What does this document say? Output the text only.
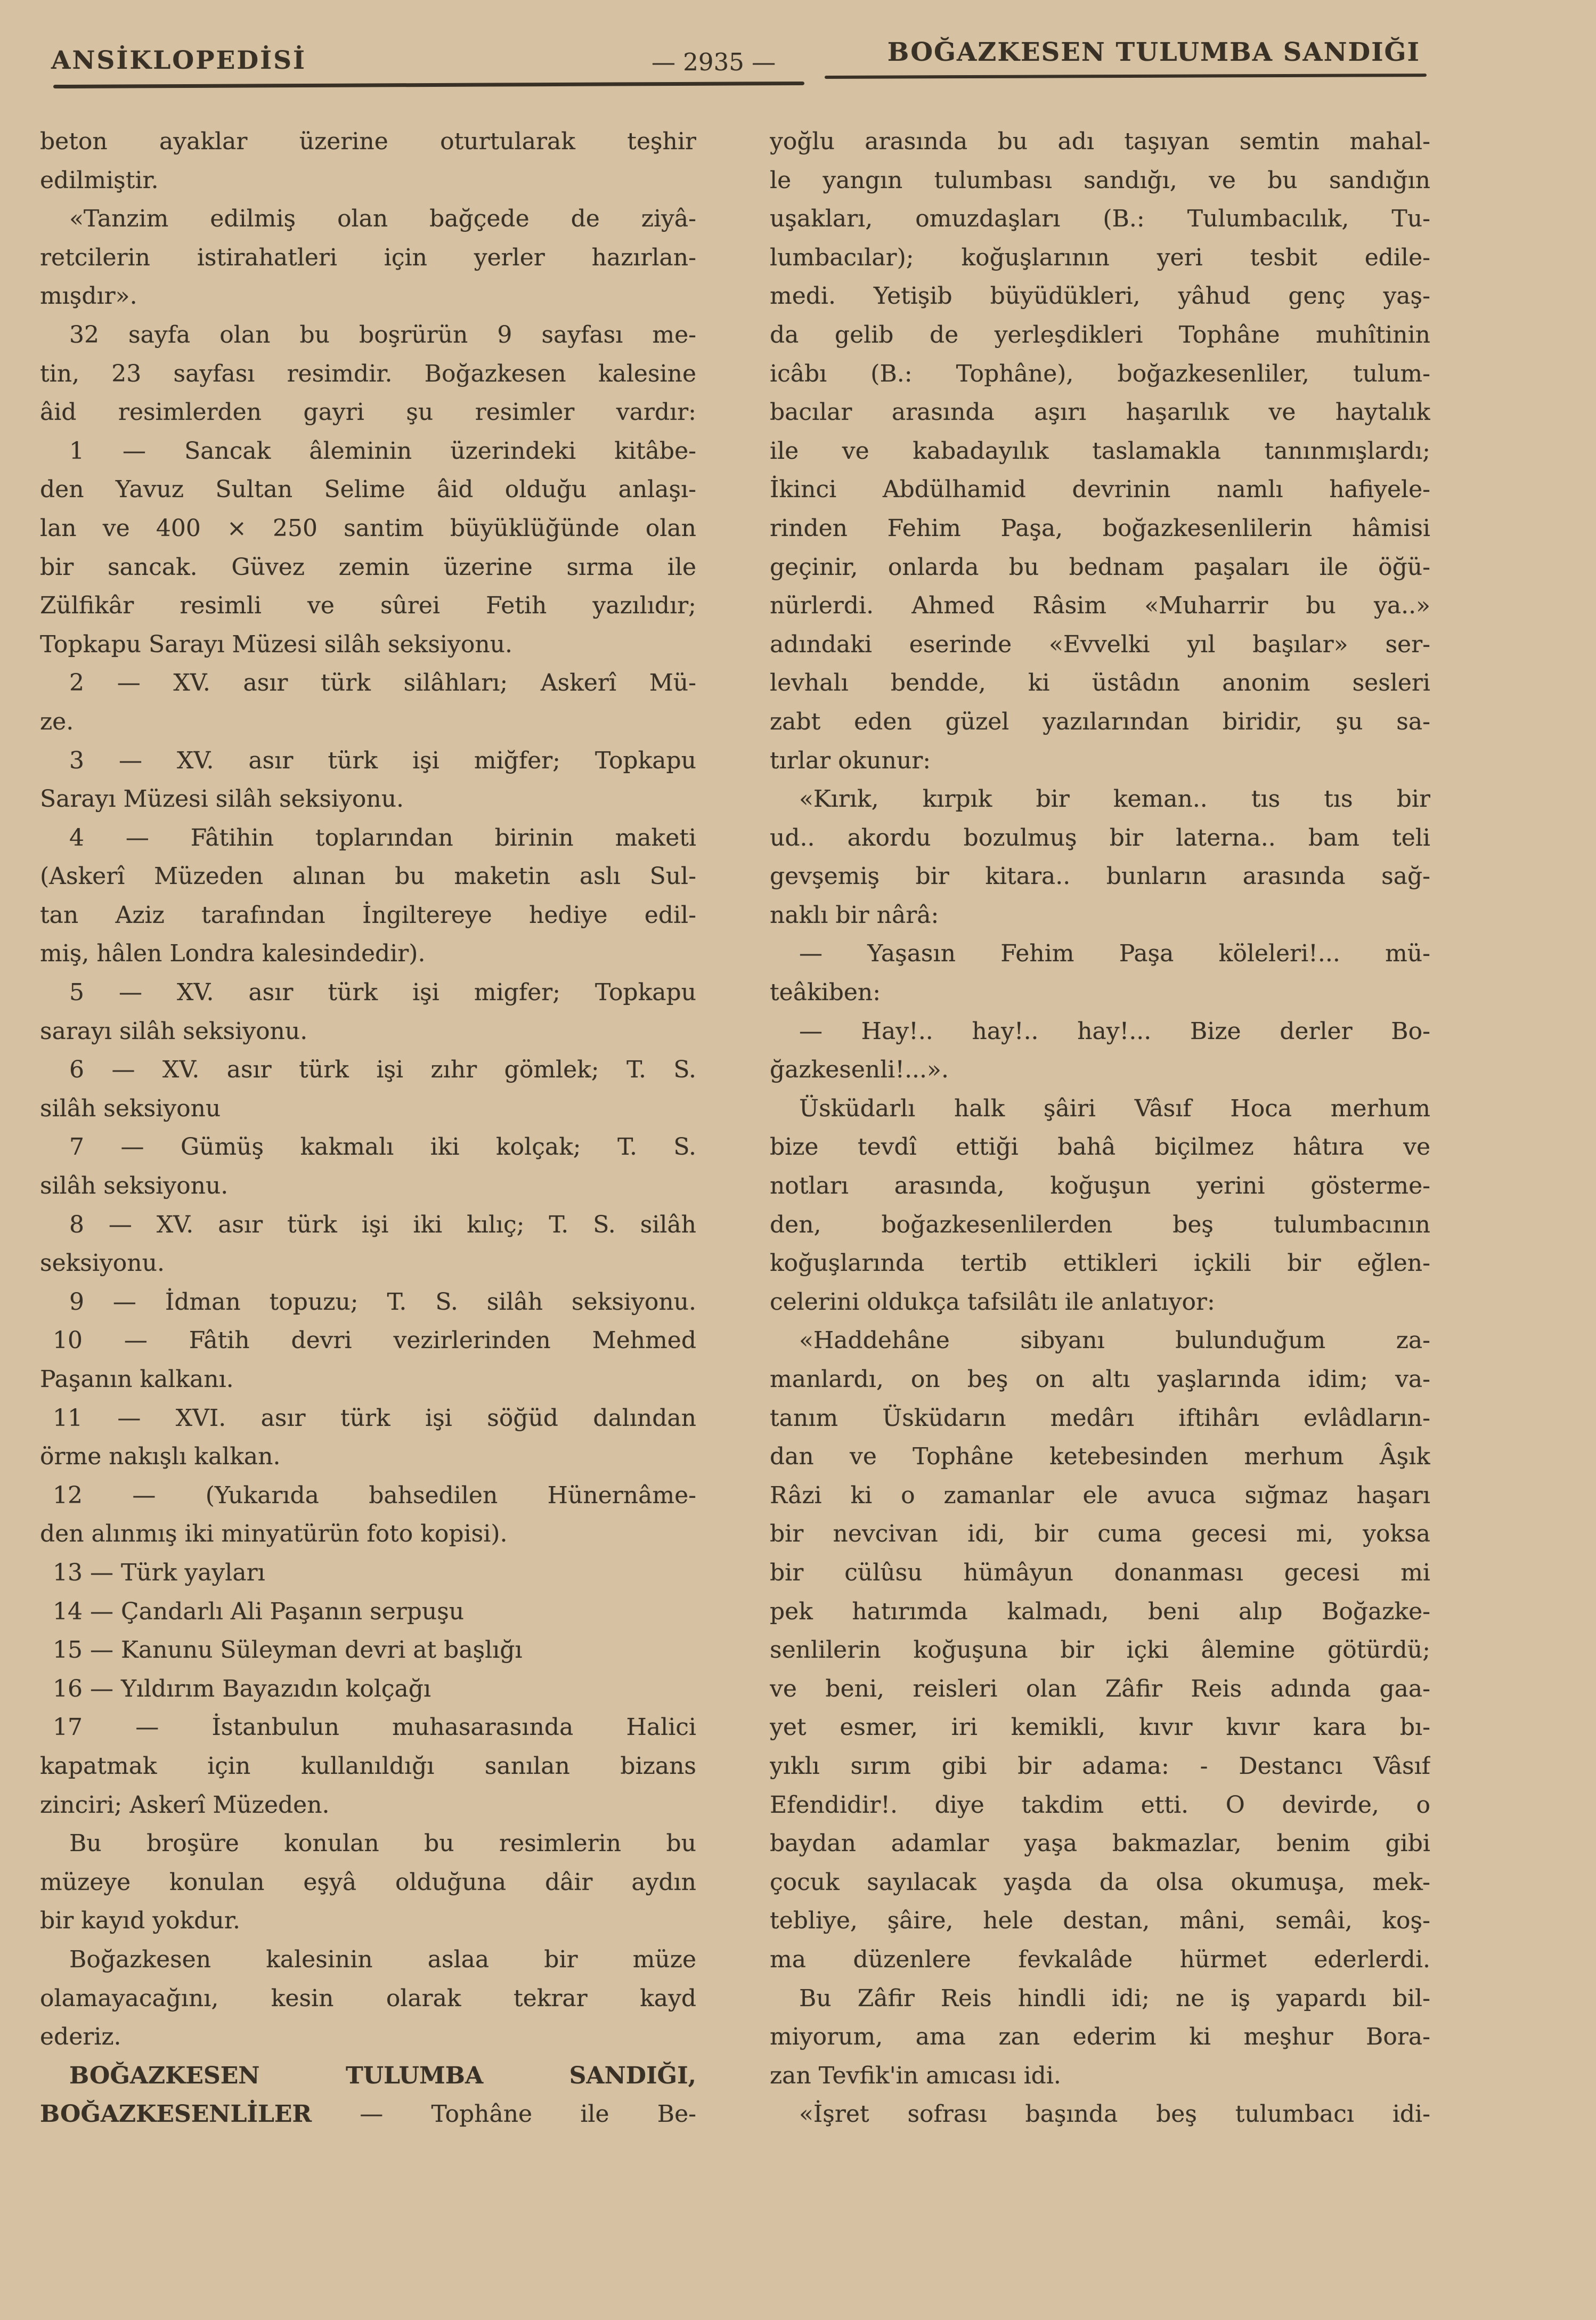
ANSİKLOPEDİSİ	— 2935 —	BOĞAZKESEN TULUMBA SANDIĞI
beton ayaklar üzerine oturtularak teşhir
edilmiştir.
«Tanzim edilmiş olan bağçede de ziyâ-
retcilerin istirahatleri için yerler hazırlan-
mışdır».
32 sayfa olan bu boşrürün 9 sayfası me-
tin, 23 sayfası resimdir. Boğazkesen kalesine
âid resimlerden gayri şu resimler vardır:
1 — Sancak âleminin üzerindeki kitâbe-
den Yavuz Sultan Selime âid olduğu anlaşı-
lan ve 400 × 250 santim büyüklüğünde olan
bir sancak. Güvez zemin üzerine sırma ile
Zülfikâr resimli ve sûrei Fetih yazılıdır;
Topkapu Sarayı Müzesi silâh seksiyonu.
2 — XV. asır türk silâhları; Askerî Mü-
ze.
3 — XV. asır türk işi miğfer; Topkapu
Sarayı Müzesi silâh seksiyonu.
4 — Fâtihin toplarından birinin maketi
(Askerî Müzeden alınan bu maketin aslı Sul-
tan Aziz tarafından İngiltereye hediye edil-
miş, hâlen Londra kalesindedir).
5 — XV. asır türk işi migfer; Topkapu
sarayı silâh seksiyonu.
6 — XV. asır türk işi zıhr gömlek; T. S.
silâh seksiyonu
7 — Gümüş kakmalı iki kolçak; T. S.
silâh seksiyonu.
8 — XV. asır türk işi iki kılıç; T. S. silâh
seksiyonu.
9 — İdman topuzu; T. S. silâh seksiyonu.
10 — Fâtih devri vezirlerinden Mehmed
Paşanın kalkanı.
11 — XVI. asır türk işi söğüd dalından
örme nakışlı kalkan.
12 — (Yukarıda bahsedilen Hünernâme-
den alınmış iki minyatürün foto kopisi).
13 — Türk yayları
14 — Çandarlı Ali Paşanın serpuşu
15 — Kanunu Süleyman devri at başlığı
16 — Yıldırım Bayazıdın kolçağı
17 — İstanbulun muhasarasında Halici
kapatmak için kullanıldığı sanılan bizans
zinciri; Askerî Müzeden.
Bu broşüre konulan bu resimlerin bu
müzeye konulan eşyâ olduğuna dâir aydın
bir kayıd yokdur.
Boğazkesen kalesinin aslaa bir müze
olamayacağını, kesin olarak tekrar kayd
ederiz.
BOĞAZKESEN TULUMBA SANDIĞI,
BOĞAZKESENLİLER — Tophâne ile Be-
yoğlu arasında bu adı taşıyan semtin mahal-
le yangın tulumbası sandığı, ve bu sandığın
uşakları, omuzdaşları (B.: Tulumbacılık, Tu-
lumbacılar); koğuşlarının yeri tesbit edile-
medi. Yetişib büyüdükleri, yâhud genç yaş-
da gelib de yerleşdikleri Tophâne muhîtinin
icâbı (B.: Tophâne), boğazkesenliler, tulum-
bacılar arasında aşırı haşarılık ve haytalık
ile ve kabadayılık taslamakla tanınmışlardı;
İkinci Abdülhamid devrinin namlı hafiyele-
rinden Fehim Paşa, boğazkesenlilerin hâmisi
geçinir, onlarda bu bednam paşaları ile öğü-
nürlerdi. Ahmed Râsim «Muharrir bu ya..»
adındaki eserinde «Evvelki yıl başılar» ser-
levhalı bendde, ki üstâdın anonim sesleri
zabt eden güzel yazılarından biridir, şu sa-
tırlar okunur:
«Kırık, kırpık bir keman.. tıs tıs bir
ud.. akordu bozulmuş bir laterna.. bam teli
gevşemiş bir kitara.. bunların arasında sağ-
naklı bir nârâ:
— Yaşasın Fehim Paşa köleleri!... mü-
teâkiben:
— Hay!.. hay!.. hay!... Bize derler Bo-
ğazkesenli!...».
Üsküdarlı halk şâiri Vâsıf Hoca merhum
bize tevdî ettiği bahâ biçilmez hâtıra ve
notları arasında, koğuşun yerini gösterme-
den, boğazkesenlilerden beş tulumbacının
koğuşlarında tertib ettikleri içkili bir eğlen-
celerini oldukça tafsilâtı ile anlatıyor:
«Haddehâne sibyanı bulunduğum za-
manlardı, on beş on altı yaşlarında idim; va-
tanım Üsküdarın medârı iftihârı evlâdların-
dan ve Tophâne ketebesinden merhum Âşık
Râzi ki o zamanlar ele avuca sığmaz haşarı
bir nevcivan idi, bir cuma gecesi mi, yoksa
bir cülûsu hümâyun donanması gecesi mi
pek hatırımda kalmadı, beni alıp Boğazke-
senlilerin koğuşuna bir içki âlemine götürdü;
ve beni, reisleri olan Zâfir Reis adında gaa-
yet esmer, iri kemikli, kıvır kıvır kara bı-
yıklı sırım gibi bir adama: - Destancı Vâsıf
Efendidir!. diye takdim etti. O devirde, o
baydan adamlar yaşa bakmazlar, benim gibi
çocuk sayılacak yaşda da olsa okumuşa, mek-
tebliye, şâire, hele destan, mâni, semâi, koş-
ma düzenlere fevkalâde hürmet ederlerdi.
Bu Zâfir Reis hindli idi; ne iş yapardı bil-
miyorum, ama zan ederim ki meşhur Bora-
zan Tevfik'in amıcası idi.
«İşret sofrası başında beş tulumbacı idi-
